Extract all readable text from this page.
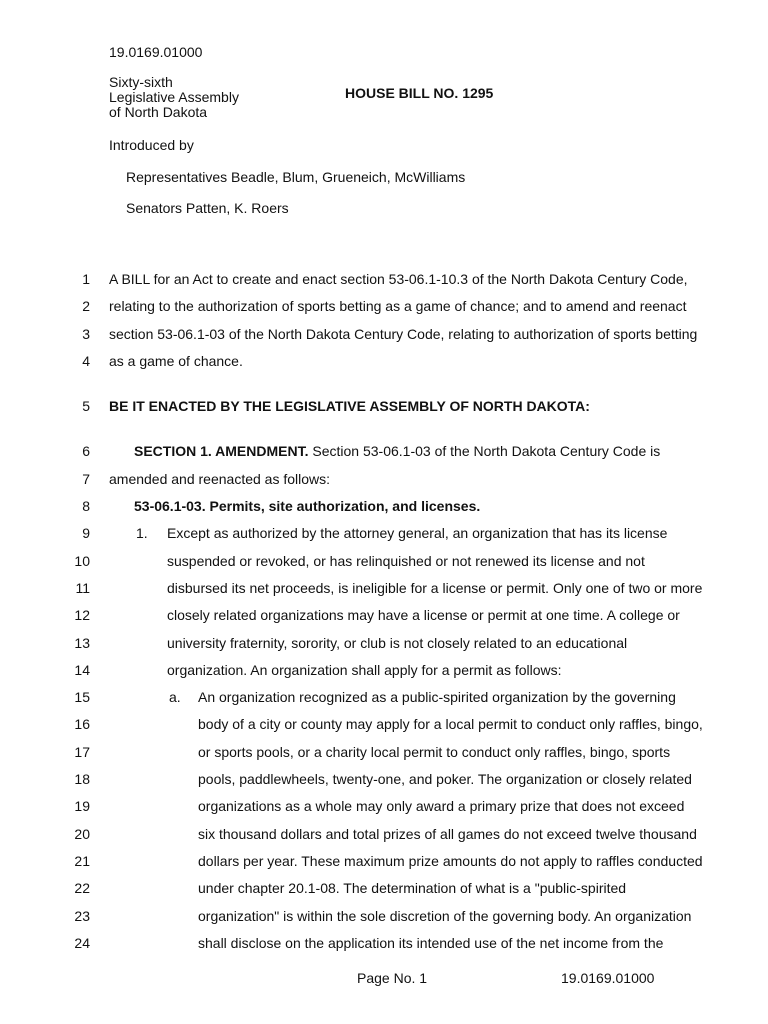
19.0169.01000
Sixty-sixth
Legislative Assembly
of North Dakota
HOUSE BILL NO. 1295
Introduced by
Representatives Beadle, Blum, Grueneich, McWilliams
Senators Patten, K. Roers
1 A BILL for an Act to create and enact section 53-06.1-10.3 of the North Dakota Century Code,
2 relating to the authorization of sports betting as a game of chance; and to amend and reenact
3 section 53-06.1-03 of the North Dakota Century Code, relating to authorization of sports betting
4 as a game of chance.
5 BE IT ENACTED BY THE LEGISLATIVE ASSEMBLY OF NORTH DAKOTA:
6	SECTION 1. AMENDMENT. Section 53-06.1-03 of the North Dakota Century Code is
7 amended and reenacted as follows:
8	53-06.1-03. Permits, site authorization, and licenses.
9	1. Except as authorized by the attorney general, an organization that has its license
10	suspended or revoked, or has relinquished or not renewed its license and not
11	disbursed its net proceeds, is ineligible for a license or permit. Only one of two or more
12	closely related organizations may have a license or permit at one time. A college or
13	university fraternity, sorority, or club is not closely related to an educational
14	organization. An organization shall apply for a permit as follows:
15	a. An organization recognized as a public-spirited organization by the governing
16	body of a city or county may apply for a local permit to conduct only raffles, bingo,
17	or sports pools, or a charity local permit to conduct only raffles, bingo, sports
18	pools, paddlewheels, twenty-one, and poker. The organization or closely related
19	organizations as a whole may only award a primary prize that does not exceed
20	six thousand dollars and total prizes of all games do not exceed twelve thousand
21	dollars per year. These maximum prize amounts do not apply to raffles conducted
22	under chapter 20.1-08. The determination of what is a "public-spirited
23	organization" is within the sole discretion of the governing body. An organization
24	shall disclose on the application its intended use of the net income from the
Page No. 1	19.0169.01000
